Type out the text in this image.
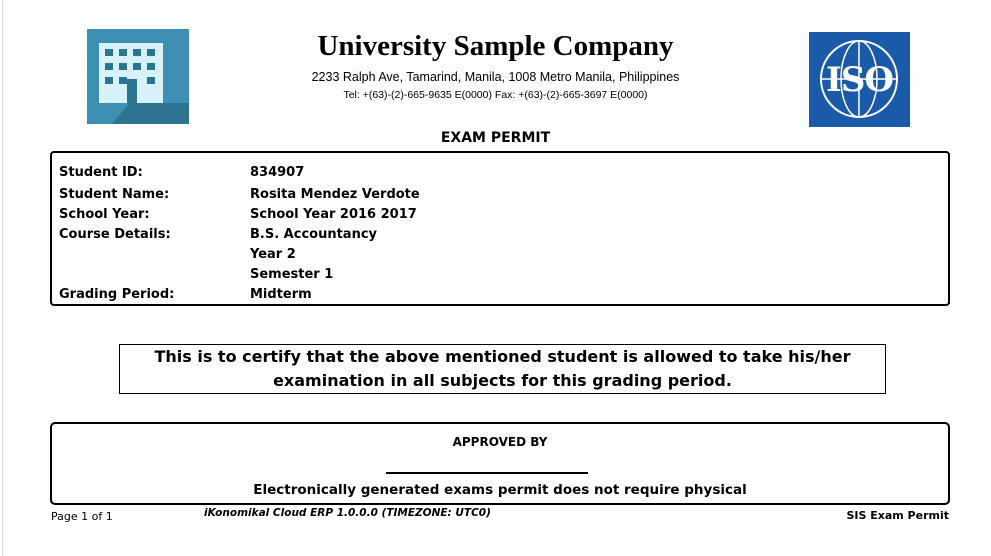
University Sample Company
2233 Ralph Ave, Tamarind, Manila, 1008 Metro Manila, Philippines
Tel: +(63)-(2)-665-9635 E(0000) Fax: +(63)-(2)-665-3697 E(0000)	ISO
EXAM PERMIT
Student ID:	834907
Student Name:	Rosita Mendez Verdote
School Year:	School Year 2016 2017
Course Details:	B.S. Accountancy
Year 2
Semester 1
Grading Period:	Midterm
This is to certify that the above mentioned student is allowed to take his/her examination in all subjects for this grading period.
APPROVED BY
Electronically generated exams permit does not require physical
Page 1 of 1	iKonomikal Cloud ERP 1.0.0.0 (TIMEZONE: UTC0)	SIS Exam Permit
